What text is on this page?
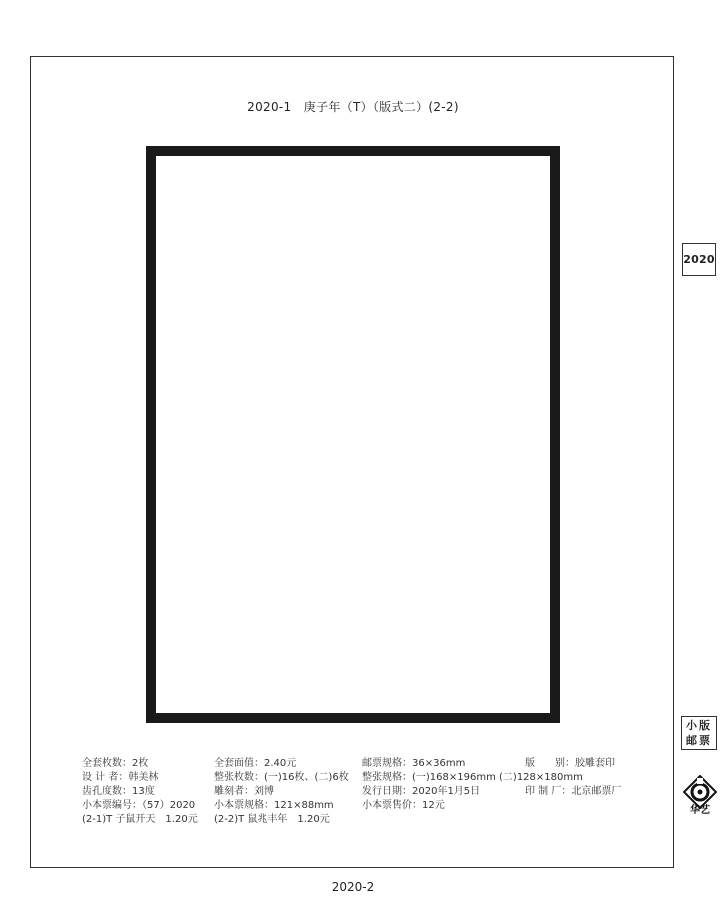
2020-1　庚子年（T）（版式二）(2-2)
全套枚数：2枚
设 计 者：韩美林
齿孔度数：13度
小本票编号：（57）2020
(2-1)T 子鼠开天　1.20元
全套面值：2.40元
整张枚数：(一)16枚、(二)6枚
雕刻者：刘博
小本票规格：121×88mm
(2-2)T 鼠兆丰年　1.20元
邮票规格：36×36mm
整张规格：(一)168×196mm (二)128×180mm
发行日期：2020年1月5日
小本票售价：12元
版　　别：胶雕套印
印 制 厂：北京邮票厂
2020
小版
邮票
华艺
2020-2
